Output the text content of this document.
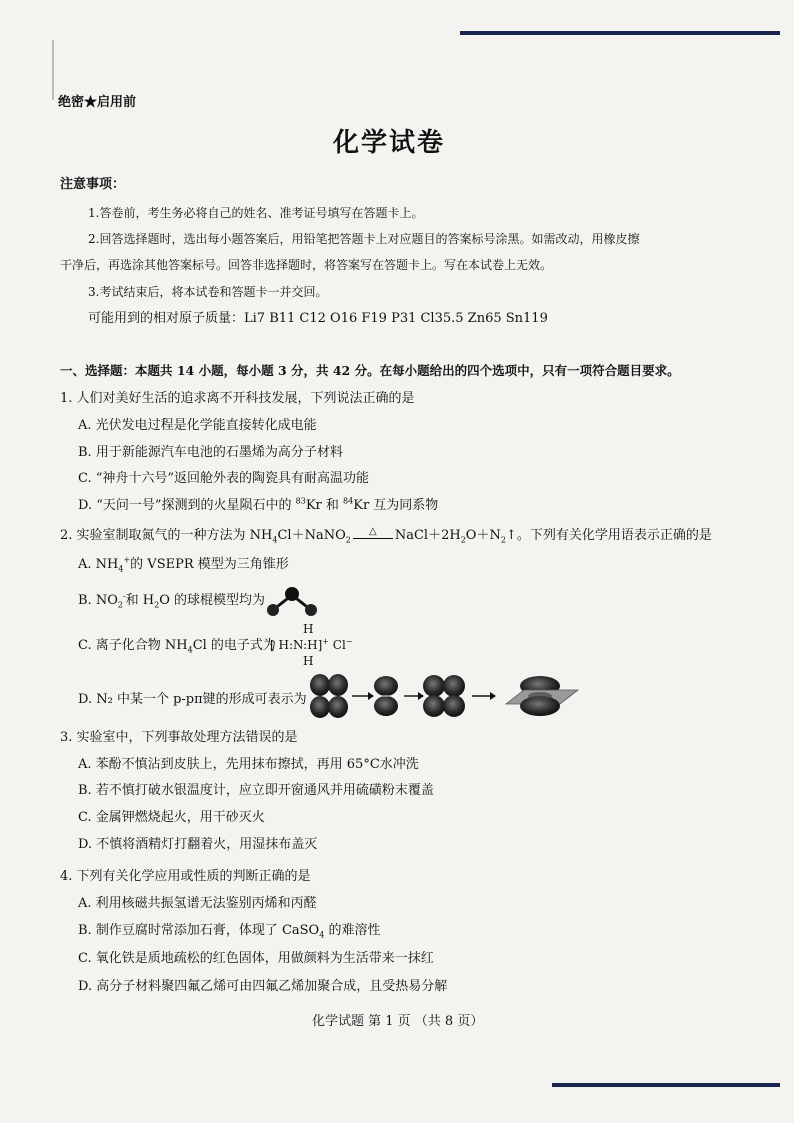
绝密★启用前
化学试卷
注意事项：
1.答卷前，考生务必将自己的姓名、准考证号填写在答题卡上。
2.回答选择题时，选出每小题答案后，用铅笔把答题卡上对应题目的答案标号涂黑。如需改动，用橡皮擦
干净后，再选涂其他答案标号。回答非选择题时，将答案写在答题卡上。写在本试卷上无效。
3.考试结束后，将本试卷和答题卡一并交回。
可能用到的相对原子质量：Li7 B11 C12 O16 F19 P31 Cl35.5 Zn65 Sn119
一、选择题：本题共 14 小题，每小题 3 分，共 42 分。在每小题给出的四个选项中，只有一项符合题目要求。
1. 人们对美好生活的追求离不开科技发展，下列说法正确的是
A. 光伏发电过程是化学能直接转化成电能
B. 用于新能源汽车电池的石墨烯为高分子材料
C. “神舟十六号”返回舱外表的陶瓷具有耐高温功能
D. “天问一号”探测到的火星陨石中的 $^{83}$Kr 和 $^{84}$Kr 互为同系物
2. 实验室制取氮气的一种方法为 $NH_4Cl+NaNO_2^\triangle$ $NaCl+2H_2O+N_2↑$。下列有关化学用语表示正确的是
A. $NH_4^+$的 VSEPR 模型为三角锥形
B. $NO_2^-$和 $H_2O$ 的球棍模型均为
C. 离子化合物 $NH_4Cl$ 的电子式为
H
[ H:N:H]+ Cl−
H
D. N₂ 中某一个 p-pπ键的形成可表示为
3. 实验室中，下列事故处理方法错误的是
A. 苯酚不慎沾到皮肤上，先用抹布擦拭，再用 65°C水冲洗
B. 若不慎打破水银温度计，应立即开窗通风并用硫磺粉末覆盖
C. 金属钾燃烧起火，用干砂灭火
D. 不慎将酒精灯打翻着火，用湿抹布盖灭
4. 下列有关化学应用或性质的判断正确的是
A. 利用核磁共振氢谱无法鉴别丙烯和丙醛
B. 制作豆腐时常添加石膏，体现了 CaSO$_4$ 的难溶性
C. 氧化铁是质地疏松的红色固体，用做颜料为生活带来一抹红
D. 高分子材料聚四氟乙烯可由四氟乙烯加聚合成，且受热易分解
化学试题 第 1 页 （共 8 页）
